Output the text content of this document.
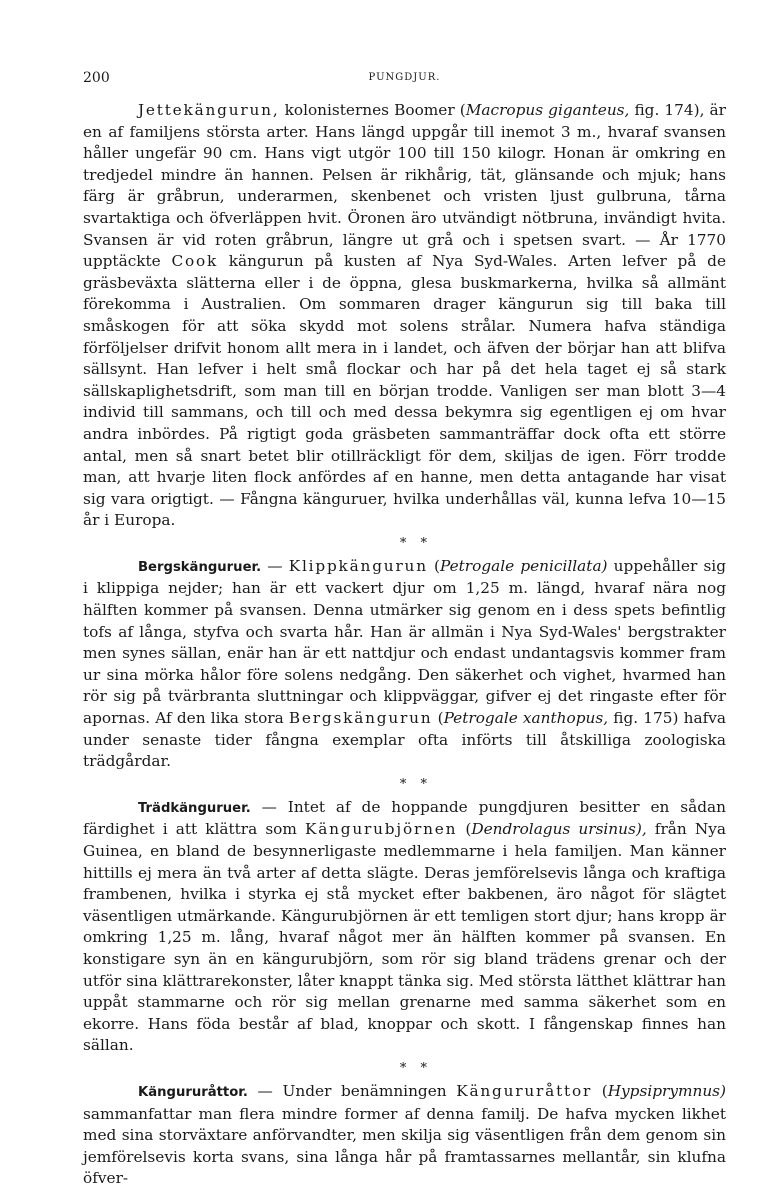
200	PUNGDJUR.

Jettekängurun, kolonisternes Boomer (Macropus giganteus, fig. 174), är en af familjens största arter. Hans längd uppgår till inemot 3 m., hvaraf svansen håller ungefär 90 cm. Hans vigt utgör 100 till 150 kilogr. Honan är omkring en tredjedel mindre än hannen. Pelsen är rikhårig, tät, glänsande och mjuk; hans färg är gråbrun, underarmen, skenbenet och vristen ljust gulbruna, tårna svartaktiga och öfverläppen hvit. Öronen äro utvändigt nötbruna, invändigt hvita. Svansen är vid roten gråbrun, längre ut grå och i spetsen svart. — År 1770 upptäckte Cook kängurun på kusten af Nya Syd-Wales. Arten lefver på de gräsbeväxta slätterna eller i de öppna, glesa buskmarkerna, hvilka så allmänt förekomma i Australien. Om sommaren drager kängurun sig till baka till småskogen för att söka skydd mot solens strålar. Numera hafva ständiga förföljelser drifvit honom allt mera in i landet, och äfven der börjar han att blifva sällsynt. Han lefver i helt små flockar och har på det hela taget ej så stark sällskaplighetsdrift, som man till en början trodde. Vanligen ser man blott 3—4 individ till sammans, och till och med dessa bekymra sig egentligen ej om hvar andra inbördes. På rigtigt goda gräsbeten sammanträffar dock ofta ett större antal, men så snart betet blir otillräckligt för dem, skiljas de igen. Förr trodde man, att hvarje liten flock anfördes af en hanne, men detta antagande har visat sig vara origtigt. — Fångna känguruer, hvilka underhållas väl, kunna lefva 10—15 år i Europa.

* *

Bergskänguruer. — Klippkängurun (Petrogale penicillata) uppehåller sig i klippiga nejder; han är ett vackert djur om 1,25 m. längd, hvaraf nära nog hälften kommer på svansen. Denna utmärker sig genom en i dess spets befintlig tofs af långa, styfva och svarta hår. Han är allmän i Nya Syd-Wales' bergstrakter men synes sällan, enär han är ett nattdjur och endast undantagsvis kommer fram ur sina mörka hålor före solens nedgång. Den säkerhet och vighet, hvarmed han rör sig på tvärbranta sluttningar och klippväggar, gifver ej det ringaste efter för apornas. Af den lika stora Bergskängurun (Petrogale xanthopus, fig. 175) hafva under senaste tider fångna exemplar ofta införts till åtskilliga zoologiska trädgårdar.

* *

Trädkänguruer. — Intet af de hoppande pungdjuren besitter en sådan färdighet i att klättra som Kängurubjörnen (Dendrolagus ursinus), från Nya Guinea, en bland de besynnerligaste medlemmarne i hela familjen. Man känner hittills ej mera än två arter af detta slägte. Deras jemförelsevis långa och kraftiga frambenen, hvilka i styrka ej stå mycket efter bakbenen, äro något för slägtet väsentligen utmärkande. Kängurubjörnen är ett temligen stort djur; hans kropp är omkring 1,25 m. lång, hvaraf något mer än hälften kommer på svansen. En konstigare syn än en kängurubjörn, som rör sig bland trädens grenar och der utför sina klättrarekonster, låter knappt tänka sig. Med största lätthet klättrar han uppåt stammarne och rör sig mellan grenarne med samma säkerhet som en ekorre. Hans föda består af blad, knoppar och skott. I fångenskap finnes han sällan.

* *

Kängururåttor. — Under benämningen Kängururåttor (Hypsiprymnus) sammanfattar man flera mindre former af denna familj. De hafva mycken likhet med sina storväxtare anförvandter, men skilja sig väsentligen från dem genom sin jemförelsevis korta svans, sina långa hår på framtassarnes mellantår, sin klufna öfver-
